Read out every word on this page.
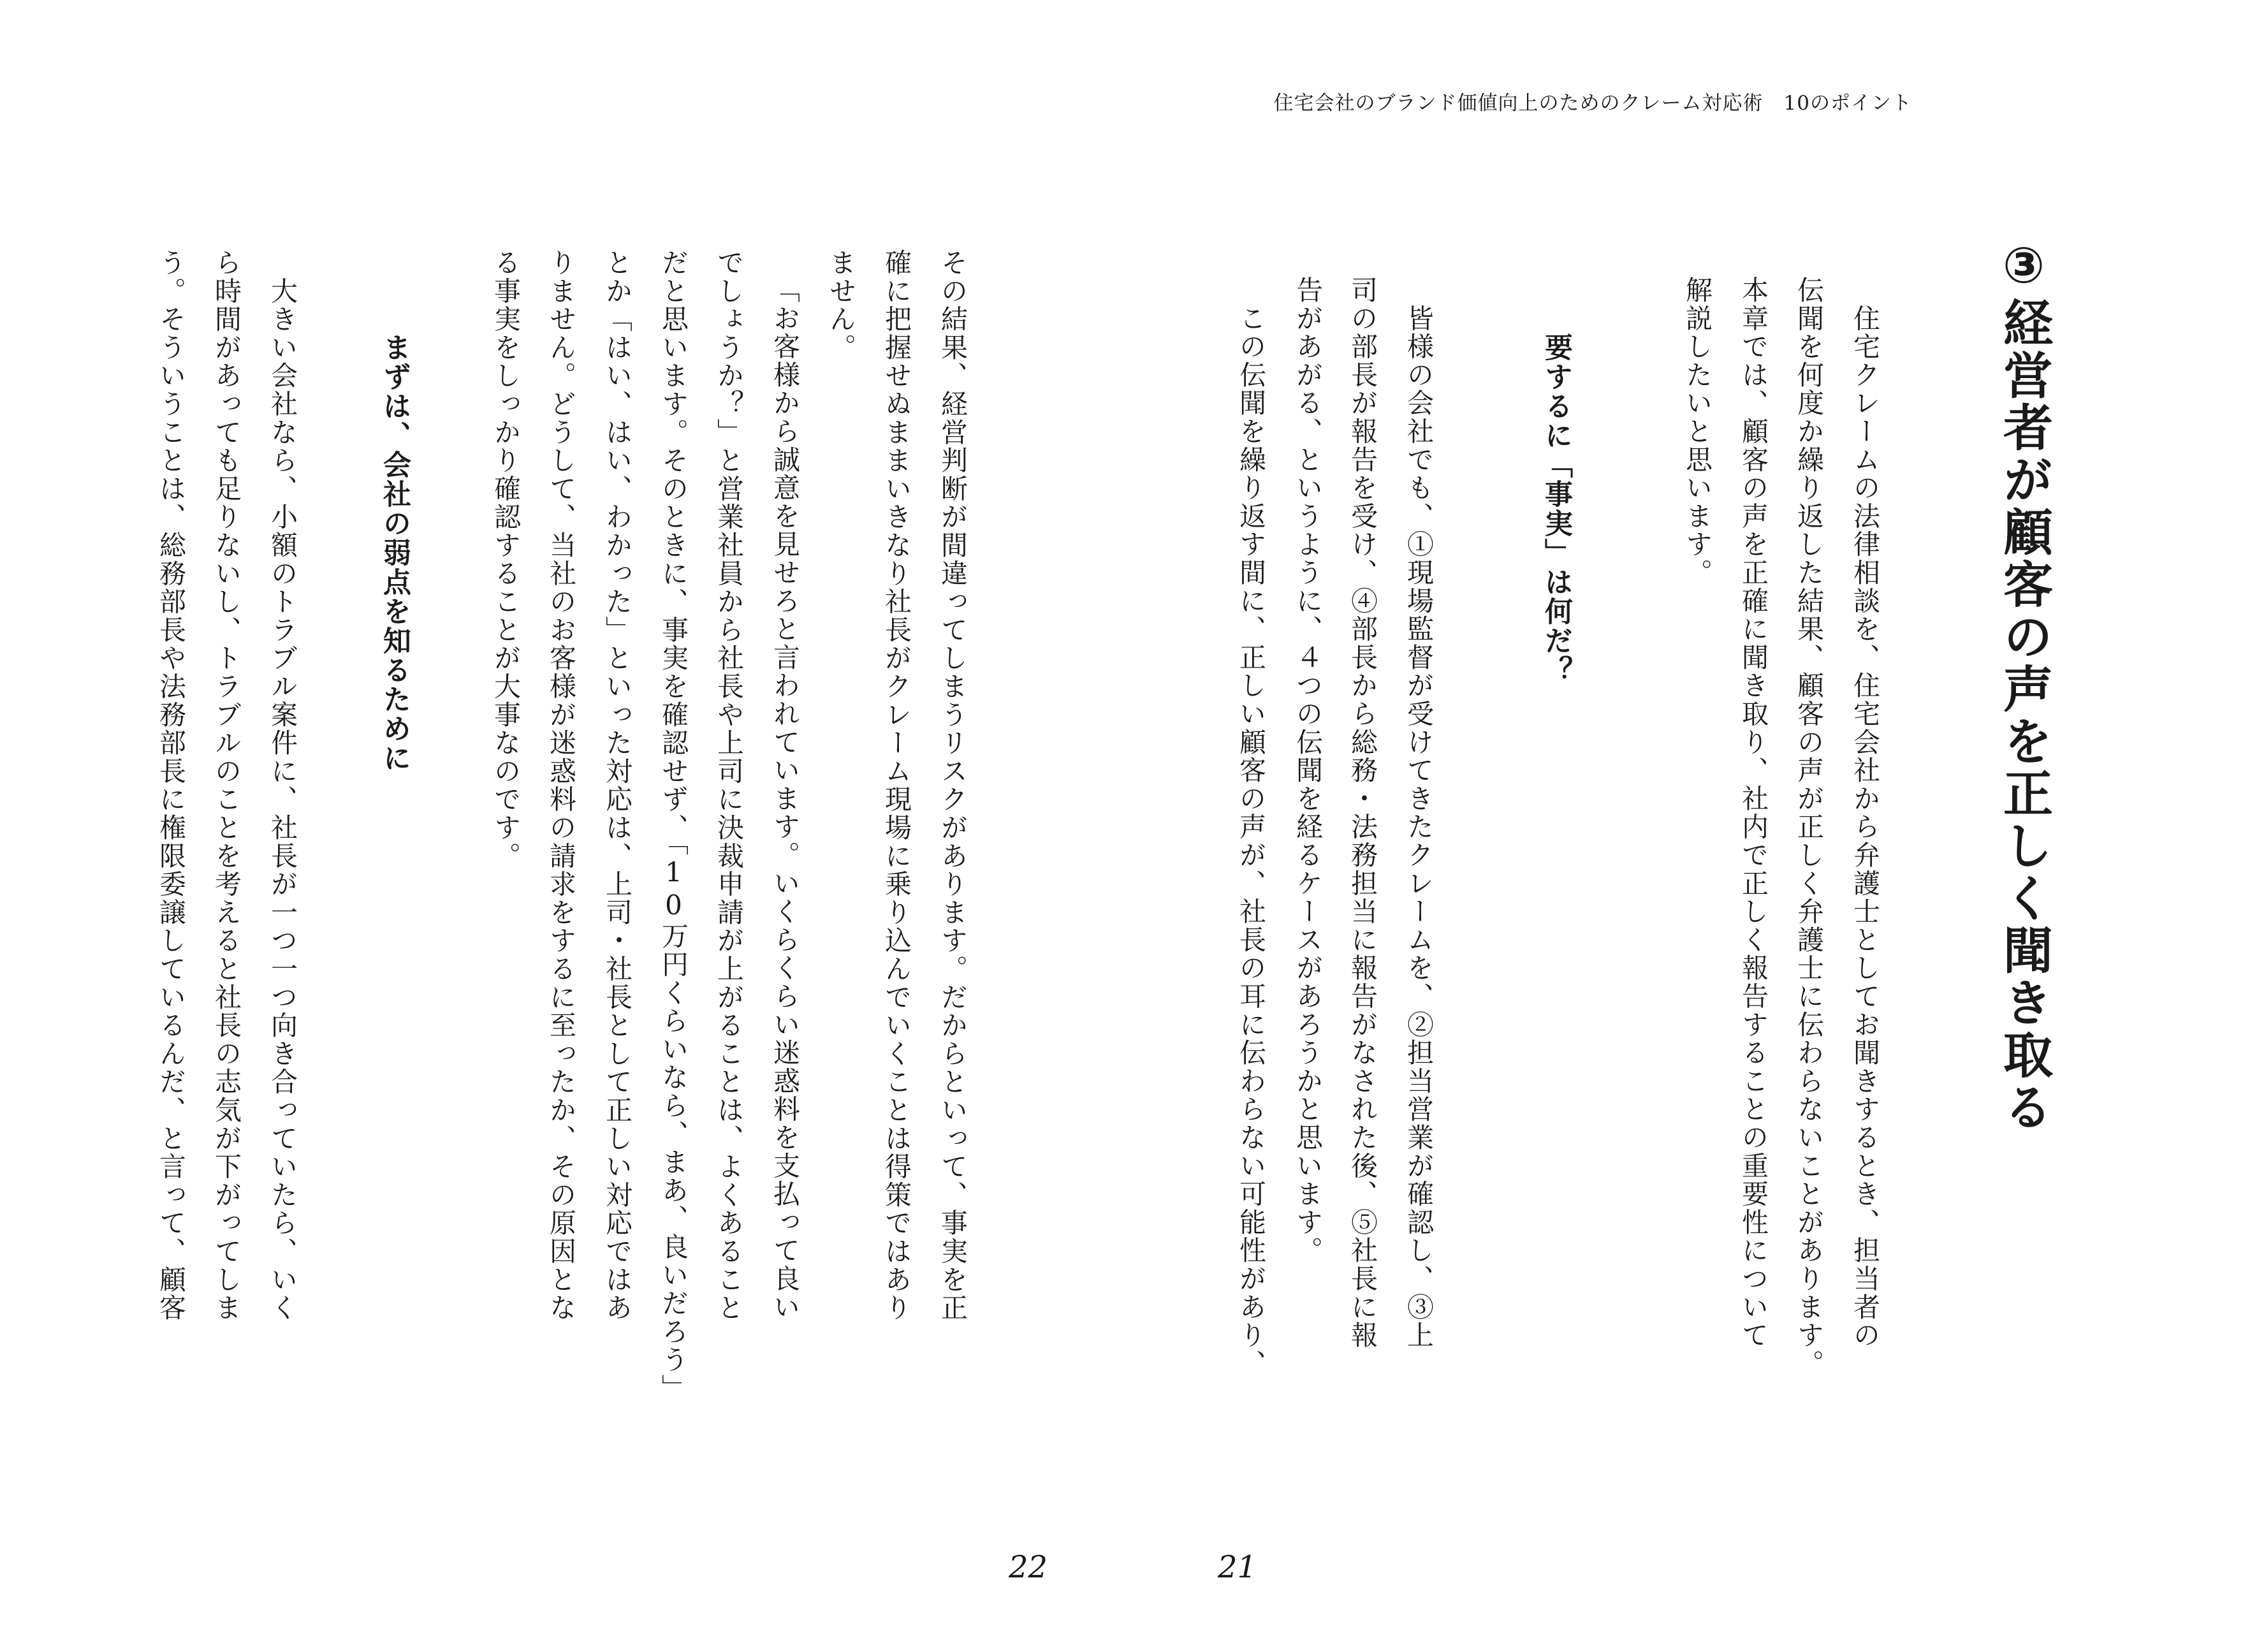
住宅会社のブランド価値向上のためのクレーム対応術　10のポイント
③経営者が顧客の声を正しく聞き取る
　住宅クレームの法律相談を、住宅会社から弁護士としてお聞きするとき、担当者の
伝聞を何度か繰り返した結果、顧客の声が正しく弁護士に伝わらないことがあります。
本章では、顧客の声を正確に聞き取り、社内で正しく報告することの重要性について
解説したいと思います。
要するに「事実」は何だ？
　皆様の会社でも、①現場監督が受けてきたクレームを、②担当営業が確認し、③上
司の部長が報告を受け、④部長から総務・法務担当に報告がなされた後、⑤社長に報
告があがる、というように、４つの伝聞を経るケースがあろうかと思います。
　この伝聞を繰り返す間に、正しい顧客の声が、社長の耳に伝わらない可能性があり、
その結果、経営判断が間違ってしまうリスクがあります。だからといって、事実を正
確に把握せぬままいきなり社長がクレーム現場に乗り込んでいくことは得策ではあり
ません。
「お客様から誠意を見せろと言われています。いくらくらい迷惑料を支払って良い
でしょうか？」と営業社員から社長や上司に決裁申請が上がることは、よくあること
だと思います。そのときに、事実を確認せず、「10万円くらいなら、まあ、良いだろう」
とか「はい、はい、わかった」といった対応は、上司・社長として正しい対応ではあ
りません。どうして、当社のお客様が迷惑料の請求をするに至ったか、その原因とな
る事実をしっかり確認することが大事なのです。
まずは、会社の弱点を知るために
　大きい会社なら、小額のトラブル案件に、社長が一つ一つ向き合っていたら、いく
ら時間があっても足りないし、トラブルのことを考えると社長の志気が下がってしま
う。そういうことは、総務部長や法務部長に権限委譲しているんだ、と言って、顧客
22	21
